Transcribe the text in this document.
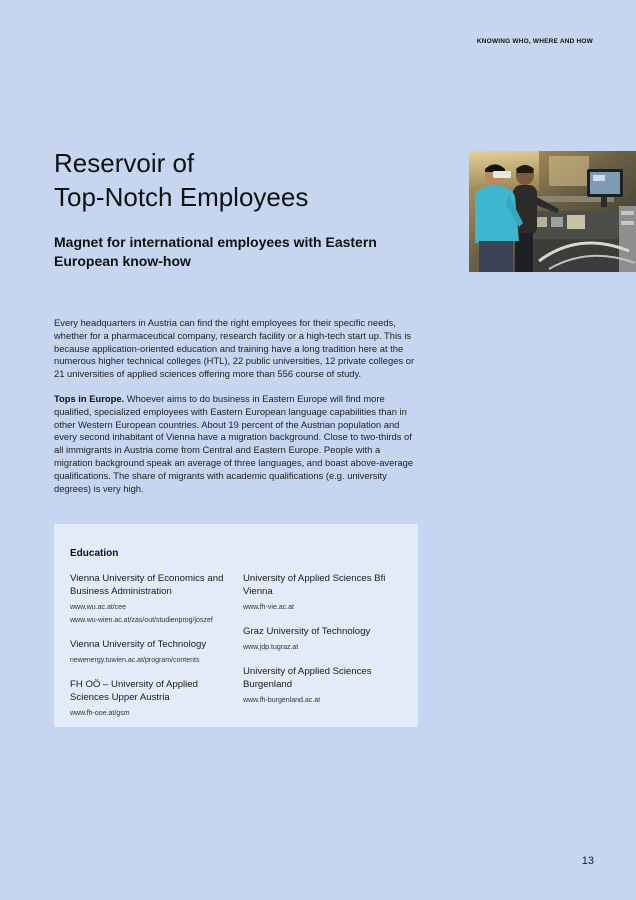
KNOWING WHO, WHERE AND HOW
Reservoir of
Top-Notch Employees
Magnet for international employees with Eastern
European know-how

Every headquarters in Austria can find the right employees for their specific needs, whether for a pharmaceutical company, research facility or a high-tech start up. This is because application-oriented education and training have a long tradition here at the numerous higher technical colleges (HTL), 22 public universities, 12 private colleges or 21 universities of applied sciences offering more than 556 course of study.

Tops in Europe. Whoever aims to do business in Eastern Europe will find more qualified, specialized employees with Eastern European language capabilities than in other Western European countries. About 19 percent of the Austrian population and every second inhabitant of Vienna have a migration background. Close to two-thirds of all immigrants in Austria come from Central and Eastern Europe. People with a migration background speak an average of three languages, and boast above-average qualifications. The share of migrants with academic qualifications (e.g. university degrees) is very high.

Education
Vienna University of Economics and Business Administration
www.wu.ac.at/cee
www.wu-wien.ac.at/zas/out/studienprog/joszef
Vienna University of Technology
newenergy.tuwien.ac.at/program/contents
FH OÖ – University of Applied Sciences Upper Austria
www.fh-ooe.at/gsm
University of Applied Sciences Bfi Vienna
www.fh-vie.ac.at
Graz University of Technology
www.jdp.tugraz.at
University of Applied Sciences Burgenland
www.fh-burgenland.ac.at
13
